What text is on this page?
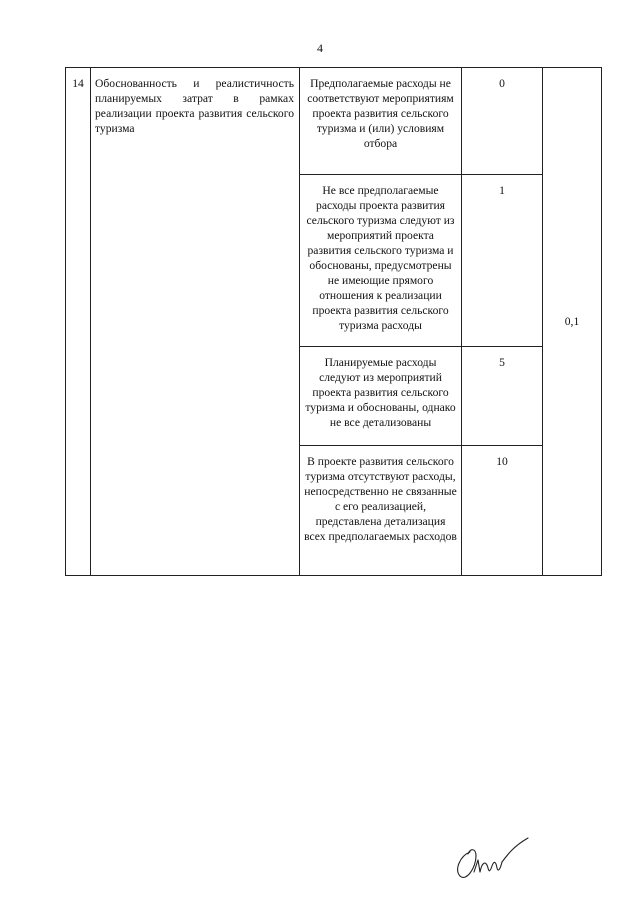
4
14	Обоснованность и реалистичность планируемых затрат в рамках реализации проекта развития сельского туризма	Предполагаемые расходы не соответствуют мероприятиям проекта развития сельского туризма и (или) условиям отбора	0	0,1
		Не все предполагаемые расходы проекта развития сельского туризма следуют из мероприятий проекта развития сельского туризма и обоснованы, предусмотрены не имеющие прямого отношения к реализации проекта развития сельского туризма расходы	1	
		Планируемые расходы следуют из мероприятий проекта развития сельского туризма и обоснованы, однако не все детализованы	5	
		В проекте развития сельского туризма отсутствуют расходы, непосредственно не связанные с его реализацией, представлена детализация всех предполагаемых расходов	10	
